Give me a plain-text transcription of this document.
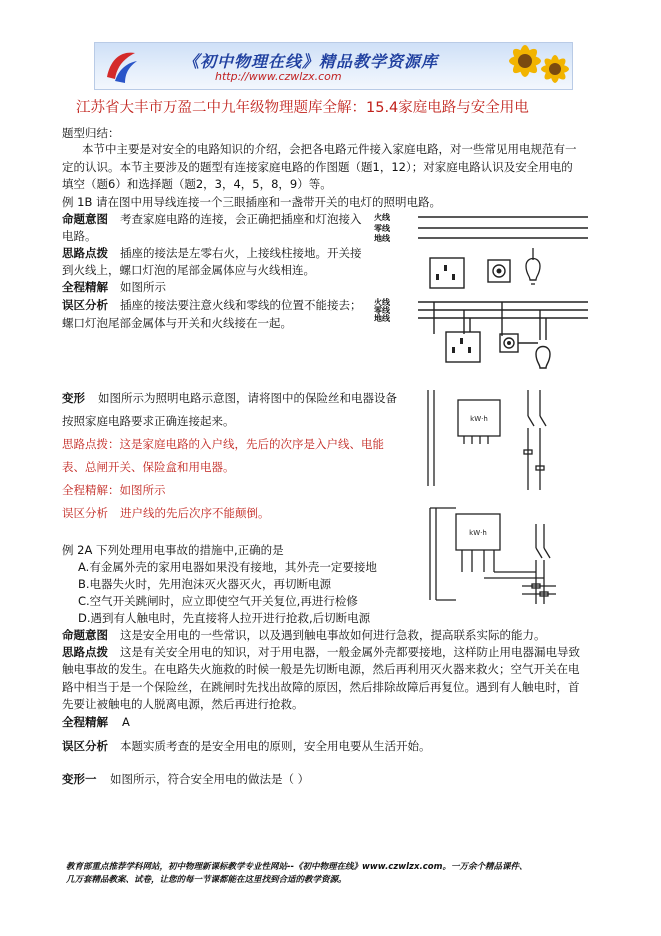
《初中物理在线》精品教学资源库
http://www.czwlzx.com
江苏省大丰市万盈二中九年级物理题库全解：15.4家庭电路与安全用电
题型归结：
本节中主要是对安全的电路知识的介绍，会把各电路元件接入家庭电路，对一些常见用电规范有一
定的认识。本节主要涉及的题型有连接家庭电路的作图题（题1，12）；对家庭电路认识及安全用电的
填空（题6）和选择题（题2，3，4，5，8，9）等。
例 1B 请在图中用导线连接一个三眼插座和一盏带开关的电灯的照明电路。
命题意图 考查家庭电路的连接，会正确把插座和灯泡接入
电路。
思路点拨 插座的接法是左零右火，上接线柱接地。开关接
到火线上，螺口灯泡的尾部金属体应与火线相连。
全程精解 如图所示
误区分析 插座的接法要注意火线和零线的位置不能接去；
螺口灯泡尾部金属体与开关和火线接在一起。
火线
零线
地线
火线
零线
地线
变形 如图所示为照明电路示意图，请将图中的保险丝和电器设备
按照家庭电路要求正确连接起来。
思路点拨：这是家庭电路的入户线，先后的次序是入户线、电能
表、总闸开关、保险盒和用电器。
全程精解：如图所示
误区分析 进户线的先后次序不能颠倒。
kW·h
kW·h
例 2A 下列处理用电事故的措施中,正确的是
A.有金属外壳的家用电器如果没有接地，其外壳一定要接地
B.电器失火时，先用泡沫灭火器灭火，再切断电源
C.空气开关跳闸时，应立即使空气开关复位,再进行检修
D.遇到有人触电时，先直接将人拉开进行抢救,后切断电源
命题意图 这是安全用电的一些常识，以及遇到触电事故如何进行急救，提高联系实际的能力。
思路点拨 这是有关安全用电的知识，对于用电器，一般金属外壳都要接地，这样防止用电器漏电导致
触电事故的发生。在电路失火施救的时候一般是先切断电源，然后再利用灭火器来救火；空气开关在电
路中相当于是一个保险丝，在跳闸时先找出故障的原因，然后排除故障后再复位。遇到有人触电时，首
先要让被触电的人脱离电源，然后再进行抢救。
全程精解 A
误区分析 本题实质考查的是安全用电的原则，安全用电要从生活开始。
变形一 如图所示，符合安全用电的做法是（ ）
教育部重点推荐学科网站，初中物理新课标教学专业性网站--《初中物理在线》www.czwlzx.com。一万余个精品课件、
几万套精品教案、试卷，让您的每一节课都能在这里找到合适的教学资源。
